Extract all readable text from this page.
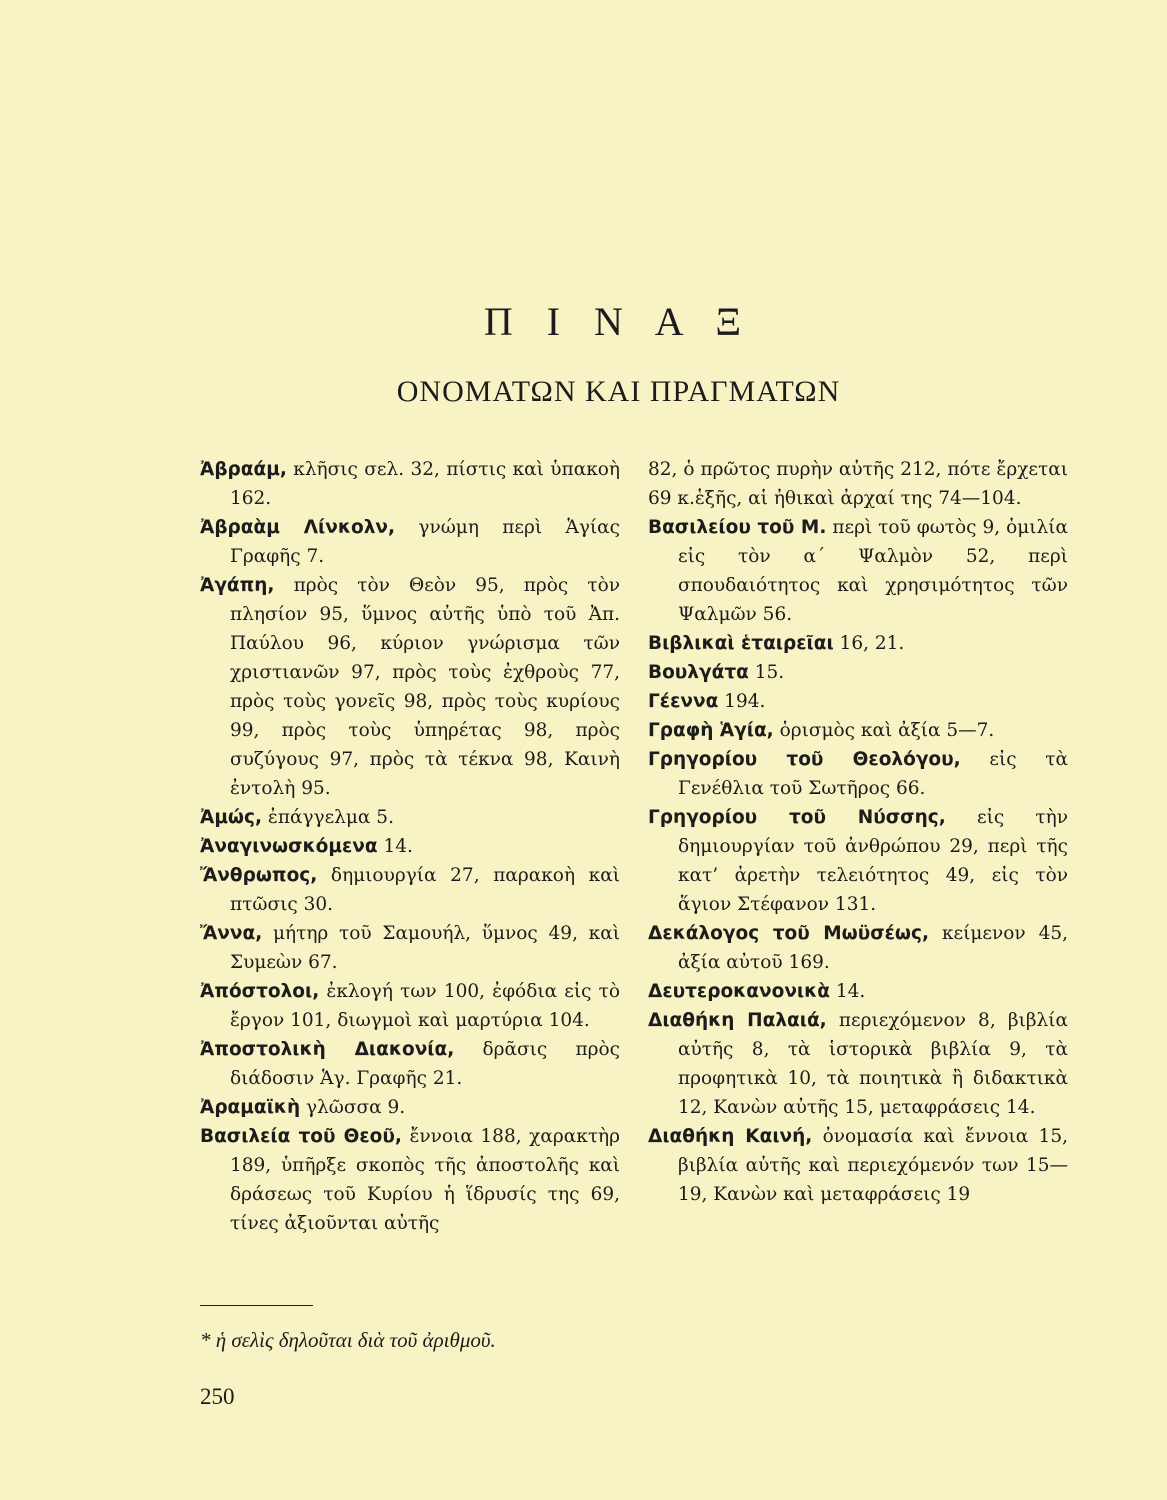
Π Ι Ν Α Ξ
ΟΝΟΜΑΤΩΝ ΚΑΙ ΠΡΑΓΜΑΤΩΝ

Ἀβραάμ, κλῆσις σελ. 32, πίστις καὶ ὑπακοὴ 162.

Ἀβραὰμ Λίνκολν, γνώμη περὶ Ἁγίας Γραφῆς 7.

Ἀγάπη, πρὸς τὸν Θεὸν 95, πρὸς τὸν πλησίον 95, ὕμνος αὐτῆς ὑπὸ τοῦ Ἀπ. Παύλου 96, κύριον γνώρισμα τῶν χριστιανῶν 97, πρὸς τοὺς ἐχθροὺς 77, πρὸς τοὺς γονεῖς 98, πρὸς τοὺς κυρίους 99, πρὸς τοὺς ὑπηρέτας 98, πρὸς συζύγους 97, πρὸς τὰ τέκνα 98, Καινὴ ἐντολὴ 95.

Ἀμώς, ἐπάγγελμα 5.

Ἀναγινωσκόμενα 14.

Ἄνθρωπος, δημιουργία 27, παρακοὴ καὶ πτῶσις 30.

Ἄννα, μήτηρ τοῦ Σαμουήλ, ὕμνος 49, καὶ Συμεὼν 67.

Ἀπόστολοι, ἐκλογή των 100, ἐφόδια εἰς τὸ ἔργον 101, διωγμοὶ καὶ μαρτύρια 104.

Ἀποστολικὴ Διακονία, δρᾶσις πρὸς διάδοσιν Ἁγ. Γραφῆς 21.

Ἀραμαϊκὴ γλῶσσα 9.

Βασιλεία τοῦ Θεοῦ, ἔννοια 188, χαρακτὴρ 189, ὑπῆρξε σκοπὸς τῆς ἀποστολῆς καὶ δράσεως τοῦ Κυρίου ἡ ἵδρυσίς της 69, τίνες ἀξιοῦνται αὐτῆς

82, ὁ πρῶτος πυρὴν αὐτῆς 212, πότε ἔρχεται 69 κ.ἑξῆς, αἱ ἠθικαὶ ἀρχαί της 74—104.

Βασιλείου τοῦ Μ. περὶ τοῦ φωτὸς 9, ὁμιλία εἰς τὸν α΄ Ψαλμὸν 52, περὶ σπουδαιότητος καὶ χρησιμότητος τῶν Ψαλμῶν 56.

Βιβλικαὶ ἑταιρεῖαι 16, 21.

Βουλγάτα 15.

Γέεννα 194.

Γραφὴ Ἁγία, ὁρισμὸς καὶ ἀξία 5—7.

Γρηγορίου τοῦ Θεολόγου, εἰς τὰ Γενέθλια τοῦ Σωτῆρος 66.

Γρηγορίου τοῦ Νύσσης, εἰς τὴν δημιουργίαν τοῦ ἀνθρώπου 29, περὶ τῆς κατ’ ἀρετὴν τελειότητος 49, εἰς τὸν ἅγιον Στέφανον 131.

Δεκάλογος τοῦ Μωϋσέως, κείμενον 45, ἀξία αὐτοῦ 169.

Δευτεροκανονικὰ 14.

Διαθήκη Παλαιά, περιεχόμενον 8, βιβλία αὐτῆς 8, τὰ ἱστορικὰ βιβλία 9, τὰ προφητικὰ 10, τὰ ποιητικὰ ἢ διδακτικὰ 12, Κανὼν αὐτῆς 15, μεταφράσεις 14.

Διαθήκη Καινή, ὀνομασία καὶ ἔννοια 15, βιβλία αὐτῆς καὶ περιεχόμενόν των 15—19, Κανὼν καὶ μεταφράσεις 19

* ἡ σελὶς δηλοῦται διὰ τοῦ ἀριθμοῦ.
250
